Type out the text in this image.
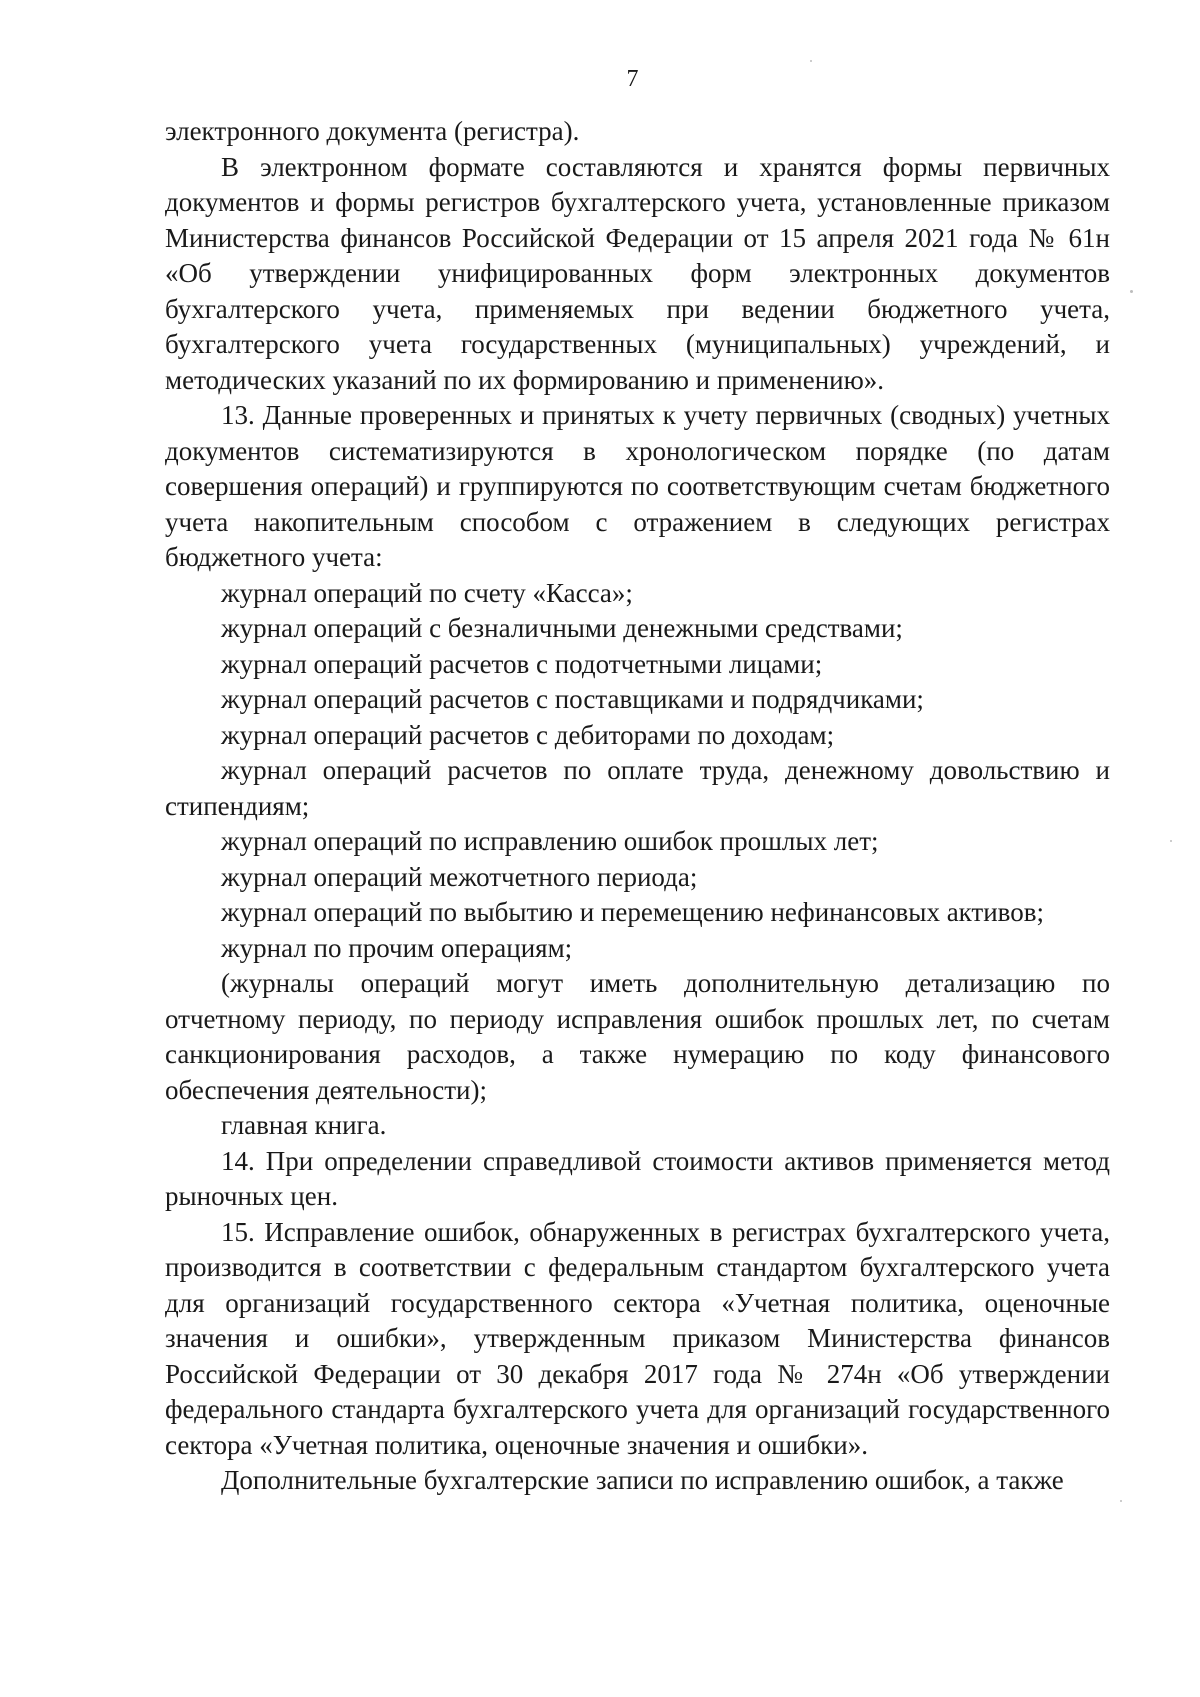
7

электронного документа (регистра).

В электронном формате составляются и хранятся формы первичных документов и формы регистров бухгалтерского учета, установленные приказом Министерства финансов Российской Федерации от 15 апреля 2021 года № 61н «Об утверждении унифицированных форм электронных документов бухгалтерского учета, применяемых при ведении бюджетного учета, бухгалтерского учета государственных (муниципальных) учреждений, и методических указаний по их формированию и применению».

13. Данные проверенных и принятых к учету первичных (сводных) учетных документов систематизируются в хронологическом порядке (по датам совершения операций) и группируются по соответствующим счетам бюджетного учета накопительным способом с отражением в следующих регистрах бюджетного учета:

журнал операций по счету «Касса»;

журнал операций с безналичными денежными средствами;

журнал операций расчетов с подотчетными лицами;

журнал операций расчетов с поставщиками и подрядчиками;

журнал операций расчетов с дебиторами по доходам;

журнал операций расчетов по оплате труда, денежному довольствию и стипендиям;

журнал операций по исправлению ошибок прошлых лет;

журнал операций межотчетного периода;

журнал операций по выбытию и перемещению нефинансовых активов;

журнал по прочим операциям;

(журналы операций могут иметь дополнительную детализацию по отчетному периоду, по периоду исправления ошибок прошлых лет, по счетам санкционирования расходов, а также нумерацию по коду финансового обеспечения деятельности);

главная книга.

14. При определении справедливой стоимости активов применяется метод рыночных цен.

15. Исправление ошибок, обнаруженных в регистрах бухгалтерского учета, производится в соответствии с федеральным стандартом бухгалтерского учета для организаций государственного сектора «Учетная политика, оценочные значения и ошибки», утвержденным приказом Министерства финансов Российской Федерации от 30 декабря 2017 года № 274н «Об утверждении федерального стандарта бухгалтерского учета для организаций государственного сектора «Учетная политика, оценочные значения и ошибки».

Дополнительные бухгалтерские записи по исправлению ошибок, а также
